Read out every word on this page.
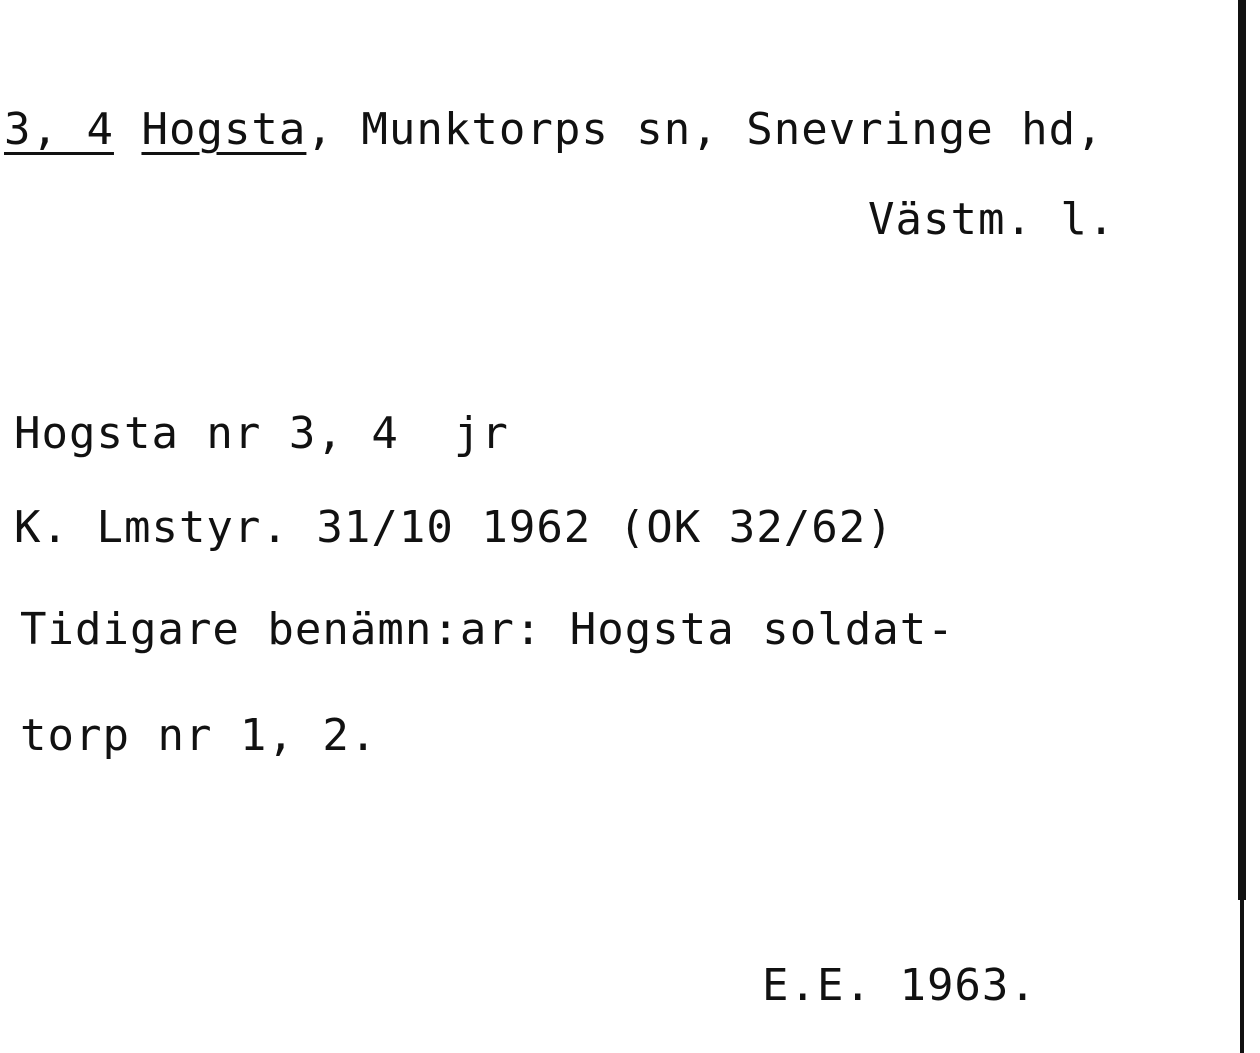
3, 4 Hogsta, Munktorps sn, Snevringe hd,
Västm. l.
Hogsta nr 3, 4  jr
K. Lmstyr. 31/10 1962 (OK 32/62)
Tidigare benämn:ar: Hogsta soldat-
torp nr 1, 2.
E.E. 1963.
